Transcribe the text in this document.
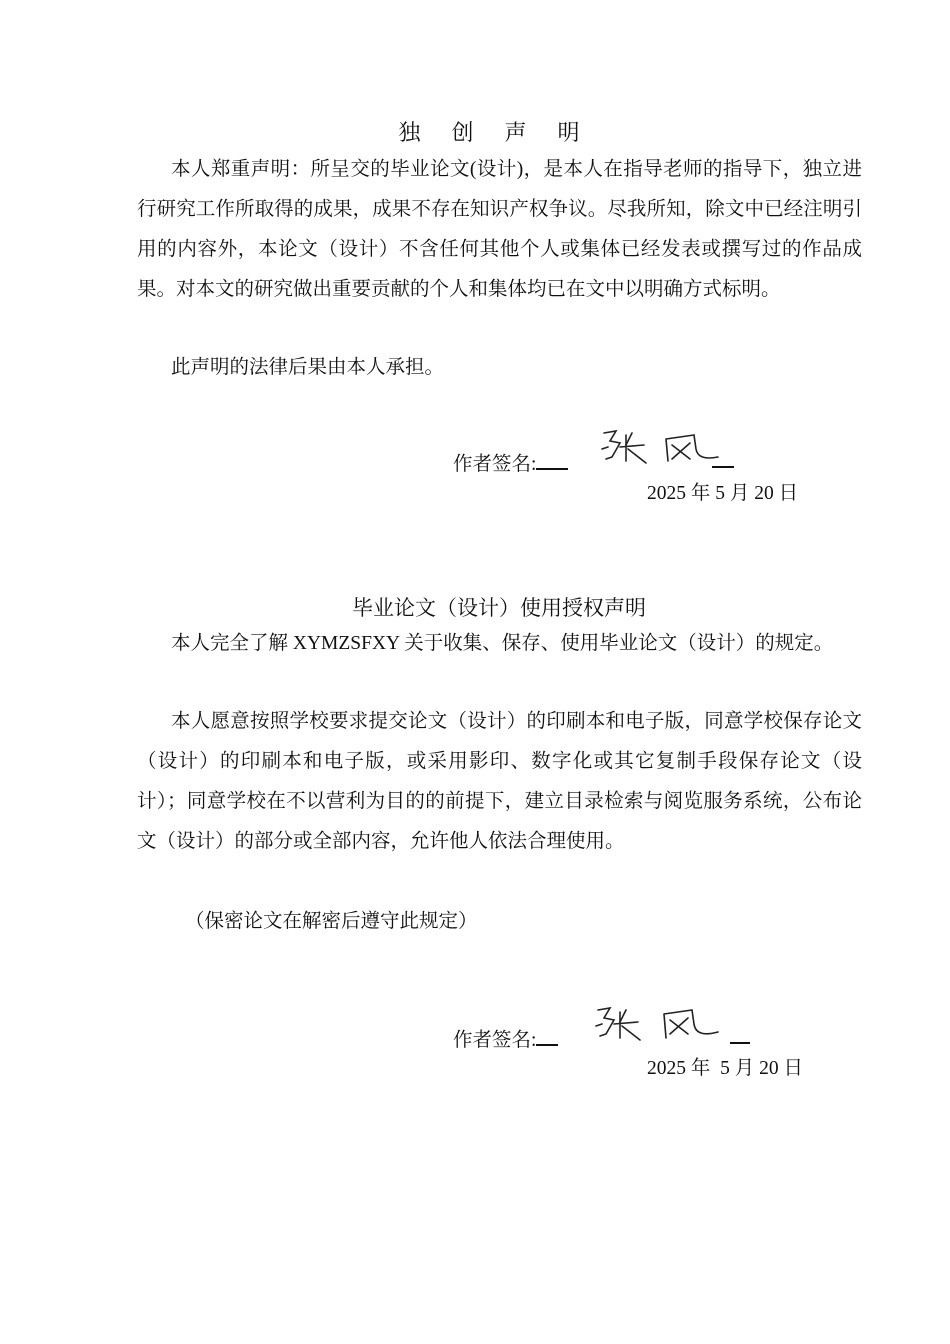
独 创 声 明
本人郑重声明：所呈交的毕业论文(设计)，是本人在指导老师的指导下，独立进行研究工作所取得的成果，成果不存在知识产权争议。尽我所知，除文中已经注明引用的内容外，本论文（设计）不含任何其他个人或集体已经发表或撰写过的作品成果。对本文的研究做出重要贡献的个人和集体均已在文中以明确方式标明。
此声明的法律后果由本人承担。
作者签名:
2025 年 5 月 20 日
毕业论文（设计）使用授权声明
本人完全了解 XYMZSFXY 关于收集、保存、使用毕业论文（设计）的规定。
本人愿意按照学校要求提交论文（设计）的印刷本和电子版，同意学校保存论文（设计）的印刷本和电子版，或采用影印、数字化或其它复制手段保存论文（设计）；同意学校在不以营利为目的的前提下，建立目录检索与阅览服务系统，公布论文（设计）的部分或全部内容，允许他人依法合理使用。
（保密论文在解密后遵守此规定）
作者签名:
2025 年  5 月 20 日
